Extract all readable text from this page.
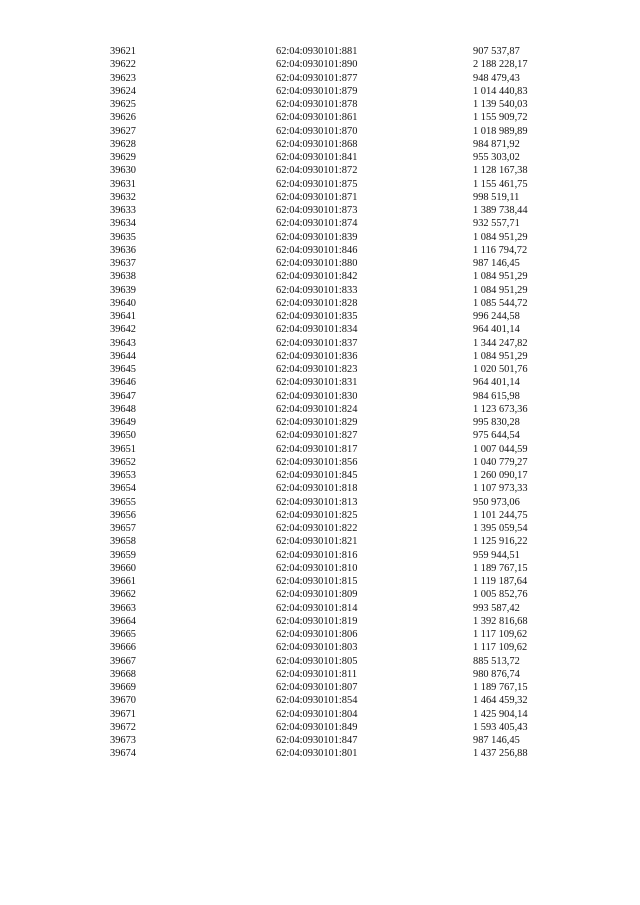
39621	62:04:0930101:881	907 537,87
39622	62:04:0930101:890	2 188 228,17
39623	62:04:0930101:877	948 479,43
39624	62:04:0930101:879	1 014 440,83
39625	62:04:0930101:878	1 139 540,03
39626	62:04:0930101:861	1 155 909,72
39627	62:04:0930101:870	1 018 989,89
39628	62:04:0930101:868	984 871,92
39629	62:04:0930101:841	955 303,02
39630	62:04:0930101:872	1 128 167,38
39631	62:04:0930101:875	1 155 461,75
39632	62:04:0930101:871	998 519,11
39633	62:04:0930101:873	1 389 738,44
39634	62:04:0930101:874	932 557,71
39635	62:04:0930101:839	1 084 951,29
39636	62:04:0930101:846	1 116 794,72
39637	62:04:0930101:880	987 146,45
39638	62:04:0930101:842	1 084 951,29
39639	62:04:0930101:833	1 084 951,29
39640	62:04:0930101:828	1 085 544,72
39641	62:04:0930101:835	996 244,58
39642	62:04:0930101:834	964 401,14
39643	62:04:0930101:837	1 344 247,82
39644	62:04:0930101:836	1 084 951,29
39645	62:04:0930101:823	1 020 501,76
39646	62:04:0930101:831	964 401,14
39647	62:04:0930101:830	984 615,98
39648	62:04:0930101:824	1 123 673,36
39649	62:04:0930101:829	995 830,28
39650	62:04:0930101:827	975 644,54
39651	62:04:0930101:817	1 007 044,59
39652	62:04:0930101:856	1 040 779,27
39653	62:04:0930101:845	1 260 090,17
39654	62:04:0930101:818	1 107 973,33
39655	62:04:0930101:813	950 973,06
39656	62:04:0930101:825	1 101 244,75
39657	62:04:0930101:822	1 395 059,54
39658	62:04:0930101:821	1 125 916,22
39659	62:04:0930101:816	959 944,51
39660	62:04:0930101:810	1 189 767,15
39661	62:04:0930101:815	1 119 187,64
39662	62:04:0930101:809	1 005 852,76
39663	62:04:0930101:814	993 587,42
39664	62:04:0930101:819	1 392 816,68
39665	62:04:0930101:806	1 117 109,62
39666	62:04:0930101:803	1 117 109,62
39667	62:04:0930101:805	885 513,72
39668	62:04:0930101:811	980 876,74
39669	62:04:0930101:807	1 189 767,15
39670	62:04:0930101:854	1 464 459,32
39671	62:04:0930101:804	1 425 904,14
39672	62:04:0930101:849	1 593 405,43
39673	62:04:0930101:847	987 146,45
39674	62:04:0930101:801	1 437 256,88
